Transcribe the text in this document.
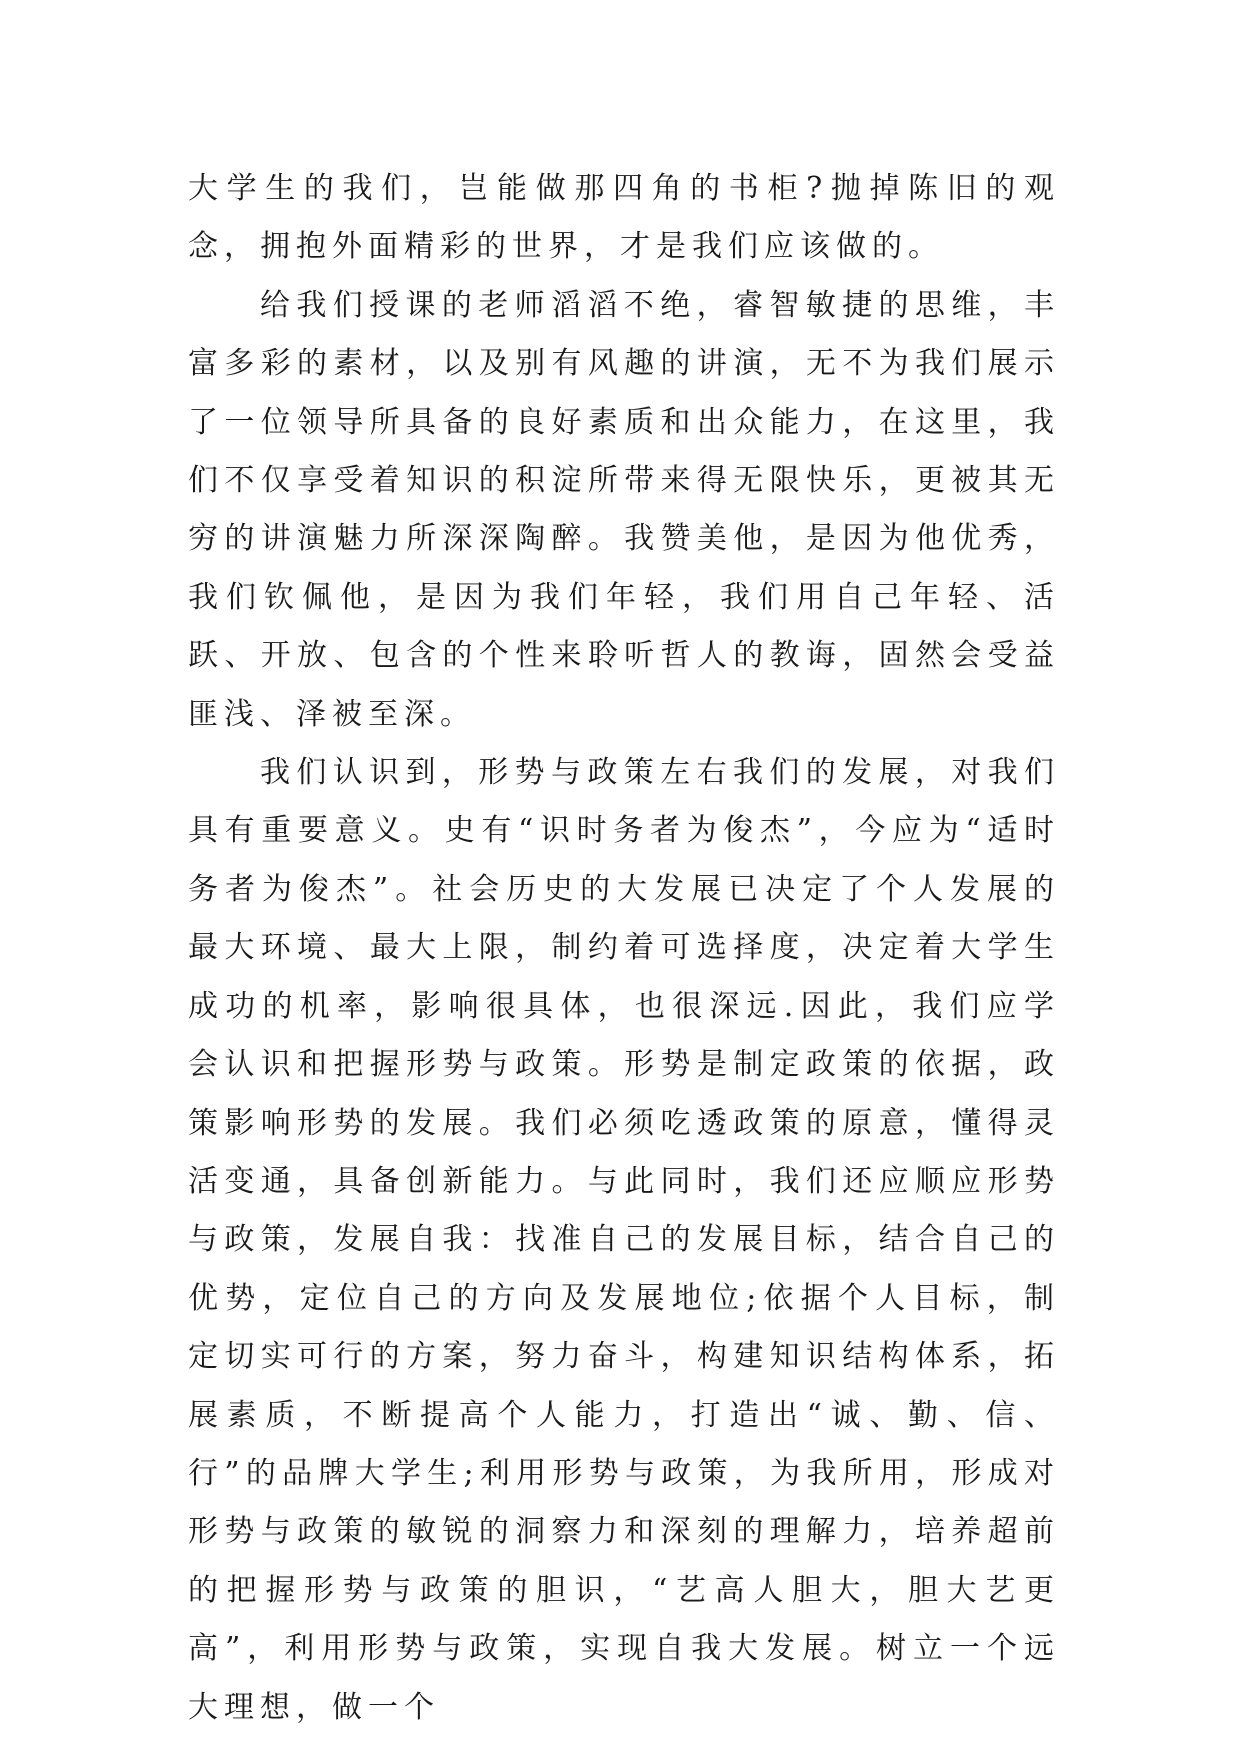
大学生的我们，岂能做那四角的书柜?抛掉陈旧的观念，拥抱外面精彩的世界，才是我们应该做的。

给我们授课的老师滔滔不绝，睿智敏捷的思维，丰富多彩的素材，以及别有风趣的讲演，无不为我们展示了一位领导所具备的良好素质和出众能力，在这里，我们不仅享受着知识的积淀所带来得无限快乐，更被其无穷的讲演魅力所深深陶醉。我赞美他，是因为他优秀，我们钦佩他，是因为我们年轻，我们用自己年轻、活跃、开放、包含的个性来聆听哲人的教诲，固然会受益匪浅、泽被至深。

我们认识到，形势与政策左右我们的发展，对我们具有重要意义。史有“识时务者为俊杰”，今应为“适时务者为俊杰”。社会历史的大发展已决定了个人发展的最大环境、最大上限，制约着可选择度，决定着大学生成功的机率，影响很具体，也很深远.因此，我们应学会认识和把握形势与政策。形势是制定政策的依据，政策影响形势的发展。我们必须吃透政策的原意，懂得灵活变通，具备创新能力。与此同时，我们还应顺应形势与政策，发展自我：找准自己的发展目标，结合自己的优势，定位自己的方向及发展地位;依据个人目标，制定切实可行的方案，努力奋斗，构建知识结构体系，拓展素质，不断提高个人能力，打造出“诚、勤、信、行”的品牌大学生;利用形势与政策，为我所用，形成对形势与政策的敏锐的洞察力和深刻的理解力，培养超前的把握形势与政策的胆识，“艺高人胆大，胆大艺更高”，利用形势与政策，实现自我大发展。树立一个远大理想，做一个
